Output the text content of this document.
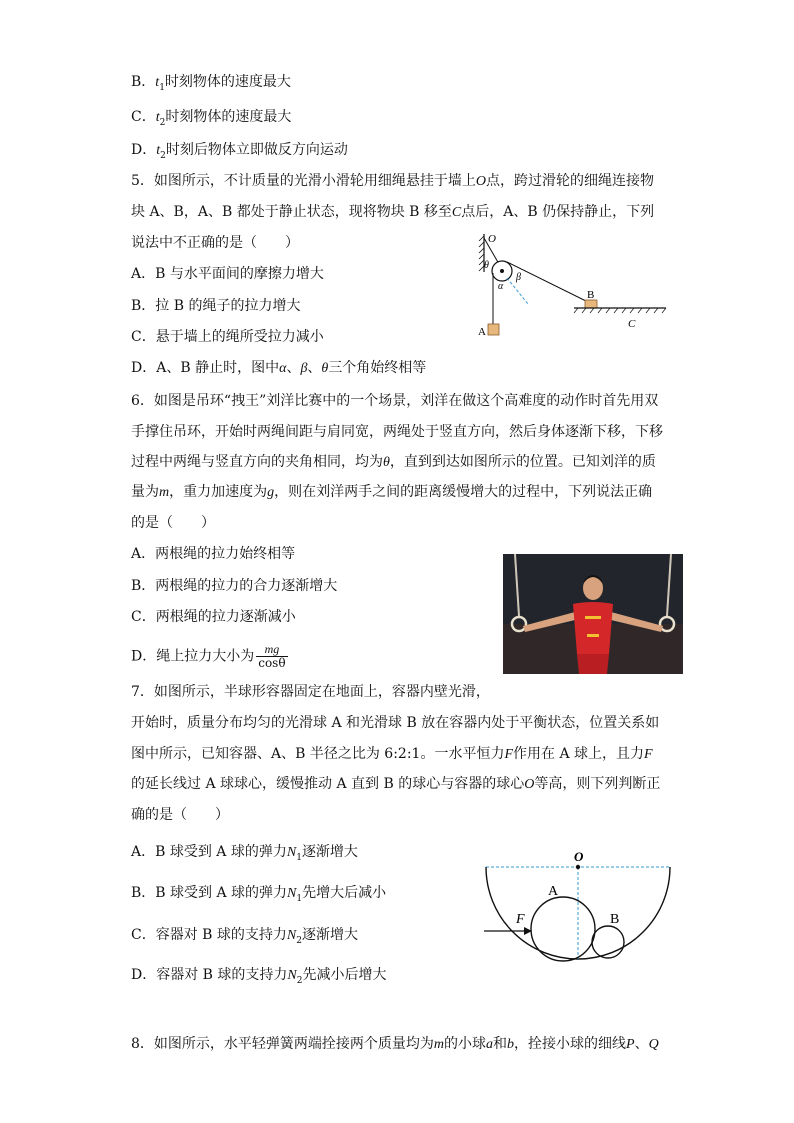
B．$t_1$时刻物体的速度最大
C．$t_2$时刻物体的速度最大
D．$t_2$时刻后物体立即做反方向运动
5．如图所示，不计质量的光滑小滑轮用细绳悬挂于墙上O点，跨过滑轮的细绳连接物
块 A、B，A、B 都处于静止状态，现将物块 B 移至C点后，A、B 仍保持静止，下列
说法中不正确的是（　　）
A．B 与水平面间的摩擦力增大
B．拉 B 的绳子的拉力增大
C．悬于墙上的绳所受拉力减小
D．A、B 静止时，图中α、β、θ三个角始终相等
O
θ
α
β
A
B
C
6．如图是吊环“拽王”刘洋比赛中的一个场景，刘洋在做这个高难度的动作时首先用双
手撑住吊环，开始时两绳间距与肩同宽，两绳处于竖直方向，然后身体逐渐下移，下移
过程中两绳与竖直方向的夹角相同，均为θ，直到到达如图所示的位置。已知刘洋的质
量为m，重力加速度为g，则在刘洋两手之间的距离缓慢增大的过程中，下列说法正确
的是（　　）
A．两根绳的拉力始终相等
B．两根绳的拉力的合力逐渐增大
C．两根绳的拉力逐渐减小
D．绳上拉力大小为 $\frac{mg}{\cos\theta}$
7．如图所示，半球形容器固定在地面上，容器内壁光滑，
开始时，质量分布均匀的光滑球 A 和光滑球 B 放在容器内处于平衡状态，位置关系如
图中所示，已知容器、A、B 半径之比为 6:2:1。一水平恒力F作用在 A 球上，且力F
的延长线过 A 球球心，缓慢推动 A 直到 B 的球心与容器的球心O等高，则下列判断正
确的是（　　）
A．B 球受到 A 球的弹力$N_1$逐渐增大
B．B 球受到 A 球的弹力$N_1$先增大后减小
C．容器对 B 球的支持力$N_2$逐渐增大
D．容器对 B 球的支持力$N_2$先减小后增大
O
A
B
F
8．如图所示，水平轻弹簧两端拴接两个质量均为m的小球a和b，拴接小球的细线P、Q
